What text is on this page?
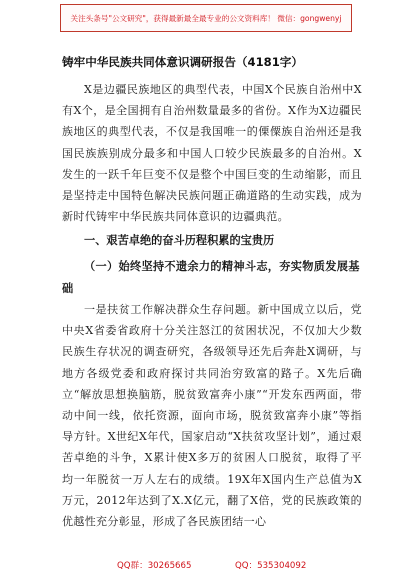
关注头条号"公文研究"，获得最新最全最专业的公文资料库！ 微信：gongwenyj
铸牢中华民族共同体意识调研报告（4181字）
X是边疆民族地区的典型代表，中国X个民族自治州中X有X个，是全国拥有自治州数量最多的省份。X作为X边疆民族地区的典型代表，不仅是我国唯一的傈僳族自治州还是我国民族族别成分最多和中国人口较少民族最多的自治州。X发生的一跃千年巨变不仅是整个中国巨变的生动缩影，而且是坚持走中国特色解决民族问题正确道路的生动实践，成为新时代铸牢中华民族共同体意识的边疆典范。
一、艰苦卓绝的奋斗历程积累的宝贵历
（一）始终坚持不遗余力的精神斗志，夯实物质发展基础
一是扶贫工作解决群众生存问题。新中国成立以后，党中央X省委省政府十分关注怒江的贫困状况，不仅加大少数民族生存状况的调查研究，各级领导还先后奔赴X调研，与地方各级党委和政府探讨共同治穷致富的路子。X先后确立“解放思想换脑筋，脱贫致富奔小康”“开发东西两面，带动中间一线，依托资源，面向市场，脱贫致富奔小康”等指导方针。X世纪X年代，国家启动“X扶贫攻坚计划”，通过艰苦卓绝的斗争，X累计使X多万的贫困人口脱贫，取得了平均一年脱贫一万人左右的成绩。19X年X国内生产总值为X万元，2012年达到了X.X亿元，翻了X倍，党的民族政策的优越性充分彰显，形成了各民族团结一心
QQ群：30265665	QQ：535304092
